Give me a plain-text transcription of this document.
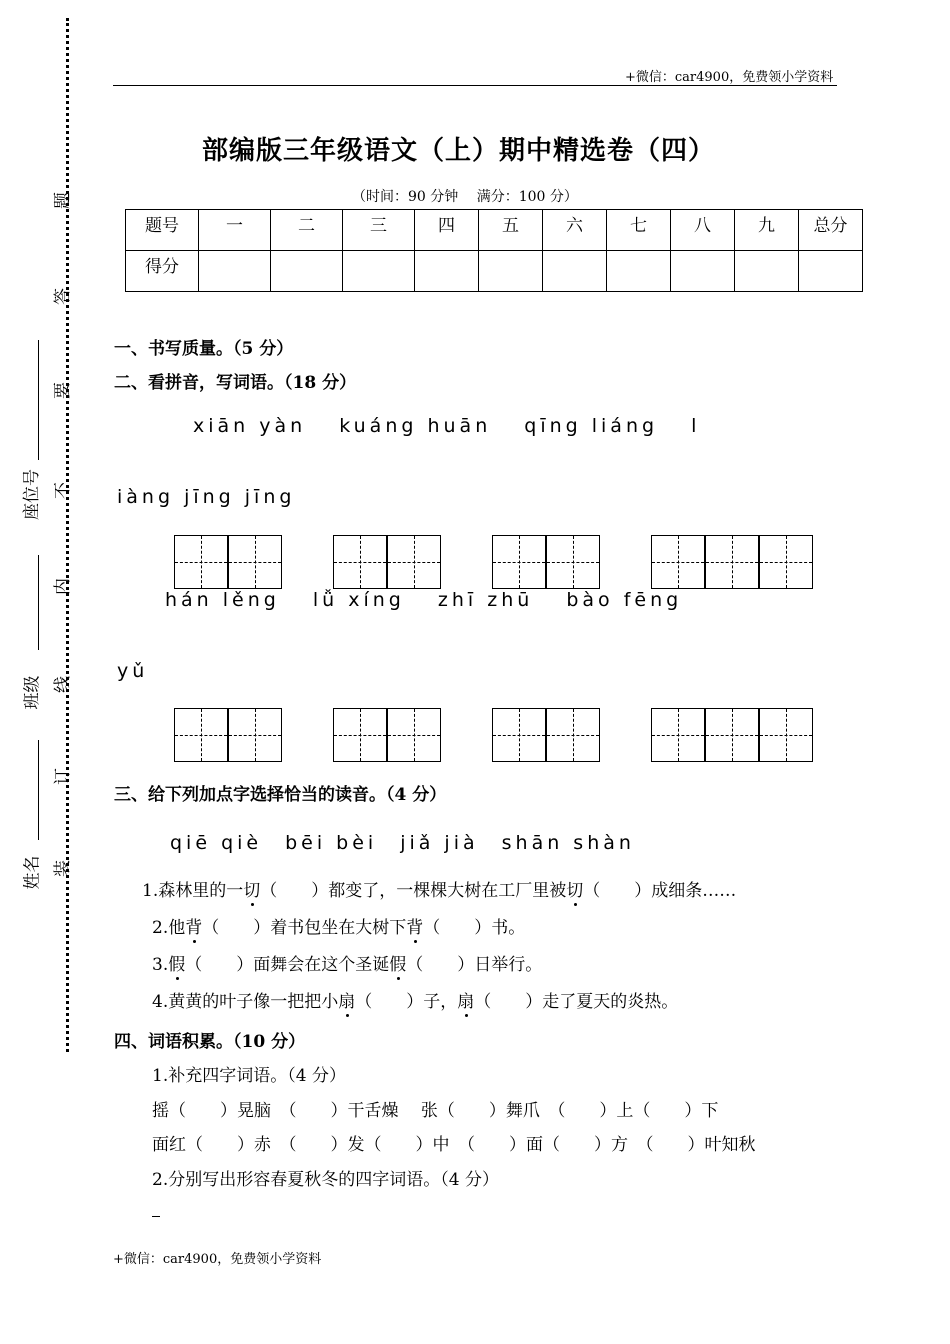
+微信：car4900，免费领小学资料
题
答
要
不
内
线
订
装
座位号
班级
姓名
部编版三年级语文（上）期中精选卷（四）
（时间：90 分钟　 满分：100 分）
题号	一	二	三	四	五	六	七	八	九	总分
得分										
一、书写质量。（5 分）
二、看拼音，写词语。（18 分）
xiān yàn　 kuáng huān　 qīng liáng　 l
iàng jīng jīng
hán lěng　 lǚ xíng　 zhī zhū　 bào fēng
yǔ
三、给下列加点字选择恰当的读音。（4 分）
qiē qiè　bēi bèi　jiǎ jià　shān shàn
1.森林里的一切（　　）都变了，一棵棵大树在工厂里被切（　　）成细条……
2.他背（　　）着书包坐在大树下背（　　）书。
3.假（　　）面舞会在这个圣诞假（　　）日举行。
4.黄黄的叶子像一把把小扇（　　）子，扇（　　）走了夏天的炎热。
四、词语积累。（10 分）
1.补充四字词语。（4 分）
摇（　　）晃脑　（　　）干舌燥　 张（　　）舞爪　（　　）上（　　）下
面红（　　）赤　（　　）发（　　）中　（　　）面（　　）方　（　　）叶知秋
2.分别写出形容春夏秋冬的四字词语。（4 分）
+微信：car4900，免费领小学资料
